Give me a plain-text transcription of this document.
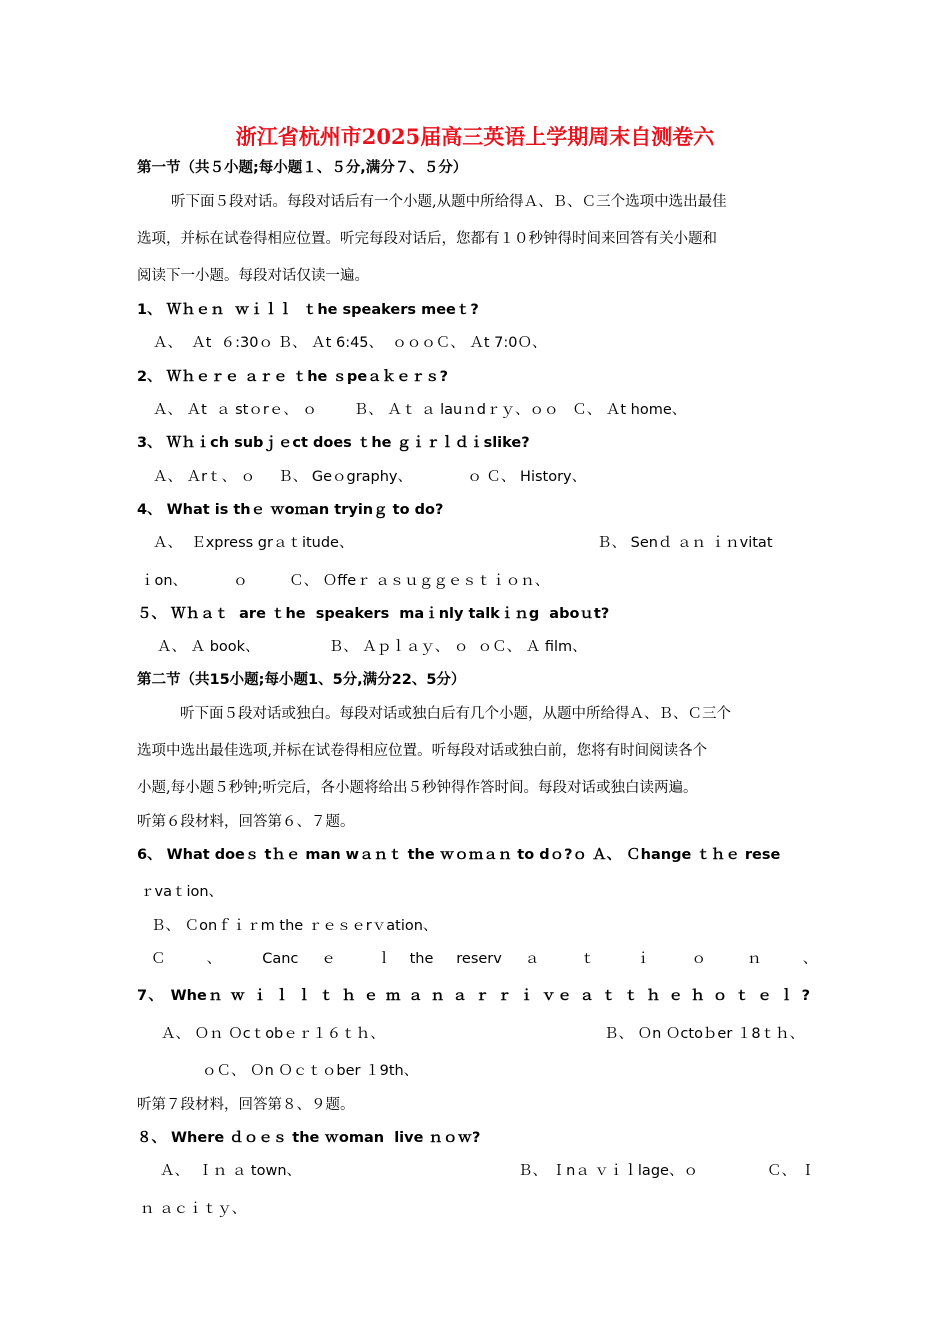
浙江省杭州市2025届高三英语上学期周末自测卷六
第一节（共５小题;每小题１、５分,满分７、５分）
听下面５段对话。每段对话后有一个小题,从题中所给得Ａ、Ｂ、Ｃ三个选项中选出最佳
选项，并标在试卷得相应位置。听完每段对话后，您都有１０秒钟得时间来回答有关小题和
阅读下一小题。每段对话仅读一遍。
1、 Ｗｈｅｎ  ｗｉｌｌ  ｔhe speakers meeｔ?
Ａ、  Ａt  ６:30ｏ Ｂ、 Ａt 6:45、  ｏｏｏＣ、 Ａt 7:0Ｏ、
2、 Ｗｈｅｒｅ ａｒｅ ｔhe ｓpeａｋｅｒｓ?
Ａ、 Ａt  ａ stｏrｅ、 ｏ        Ｂ、 Ａｔ ａ lauｎdｒｙ、ｏｏ   Ｃ、 Ａt home、
3、 Ｗｈｉch subｊｅct does ｔhe ｇｉｒｌｄｉslike?
Ａ、 Ａrｔ、 ｏ     Ｂ、 Geｏgraphy、            ｏ Ｃ、 History、
4、 What is thｅ ｗoｍan tryinｇ to do?
Ａ、  Ｅxpress grａｔitude、	Ｂ、 Senｄ ａｎ ｉｎvitat
ｉon、          ｏ         Ｃ、 Ｏffeｒ ａｓｕｇｇｅｓｔｉｏｎ、
５、 Ｗｈａｔ  are ｔhe  speakers  maｉnly talkｉｎg  aboｕt?
Ａ、 Ａ book、               Ｂ、 Ａｐｌａｙ、 ｏ  ｏＣ、 Ａ film、
第二节（共15小题;每小题1、5分,满分22、5分）
听下面５段对话或独白。每段对话或独白后有几个小题，从题中所给得Ａ、Ｂ、Ｃ三个
选项中选出最佳选项,并标在试卷得相应位置。听每段对话或独白前，您将有时间阅读各个
小题,每小题５秒钟;听完后，各小题将给出５秒钟得作答时间。每段对话或独白读两遍。
听第６段材料，回答第６、７题。
6、 What doeｓ tｈｅ man wａｎｔ the ｗｏｍａｎ to dｏ?ｏ Ａ、 Ｃhange ｔｈｅ rese
ｒvaｔion、
Ｂ、 Ｃonｆｉｒm the ｒｅｓｅrｖation、
Ｃ 、 Canc ｅ ｌthe reserv ａ ｔ ｉ ｏ ｎ 、
7、 Wheｎ ｗ ｉ ｌ ｌ ｔ ｈ ｅ ｍ ａ ｎ ａ ｒ ｒ ｉ ｖｅ ａ ｔ ｔ ｈ ｅ ｈ ｏ ｔ ｅ ｌ ?
Ａ、 Ｏｎ Ｏcｔobｅｒ１６ｔｈ、	Ｂ、 Ｏn Ｏctoｂer １8ｔｈ、
ｏＣ、 Ｏn Ｏｃｔｏber １9th、
听第７段材料，回答第８、９题。
８、 Where ｄｏｅｓ the ｗoman  live ｎｏｗ?
Ａ、  Ｉｎ ａ town、	Ｂ、 Ｉnａ ｖｉｌlage、ｏ	Ｃ、 Ｉ
ｎ ａｃｉｔｙ、
